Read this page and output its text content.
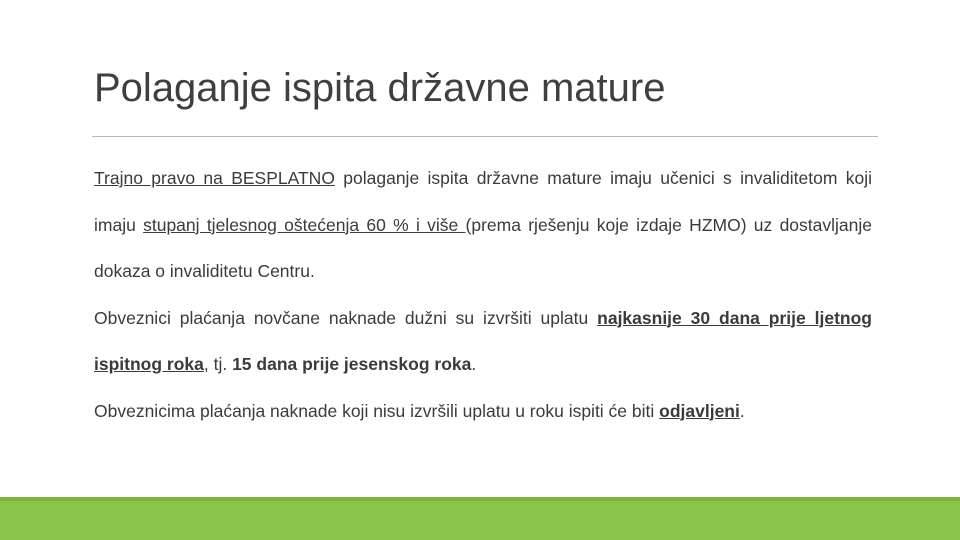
Polaganje ispita državne mature

Trajno pravo na BESPLATNO polaganje ispita državne mature imaju učenici s invaliditetom koji imaju stupanj tjelesnog oštećenja 60 % i više (prema rješenju koje izdaje HZMO) uz dostavljanje dokaza o invaliditetu Centru.

Obveznici plaćanja novčane naknade dužni su izvršiti uplatu najkasnije 30 dana prije ljetnog ispitnog roka, tj. 15 dana prije jesenskog roka.

Obveznicima plaćanja naknade koji nisu izvršili uplatu u roku ispiti će biti odjavljeni.
